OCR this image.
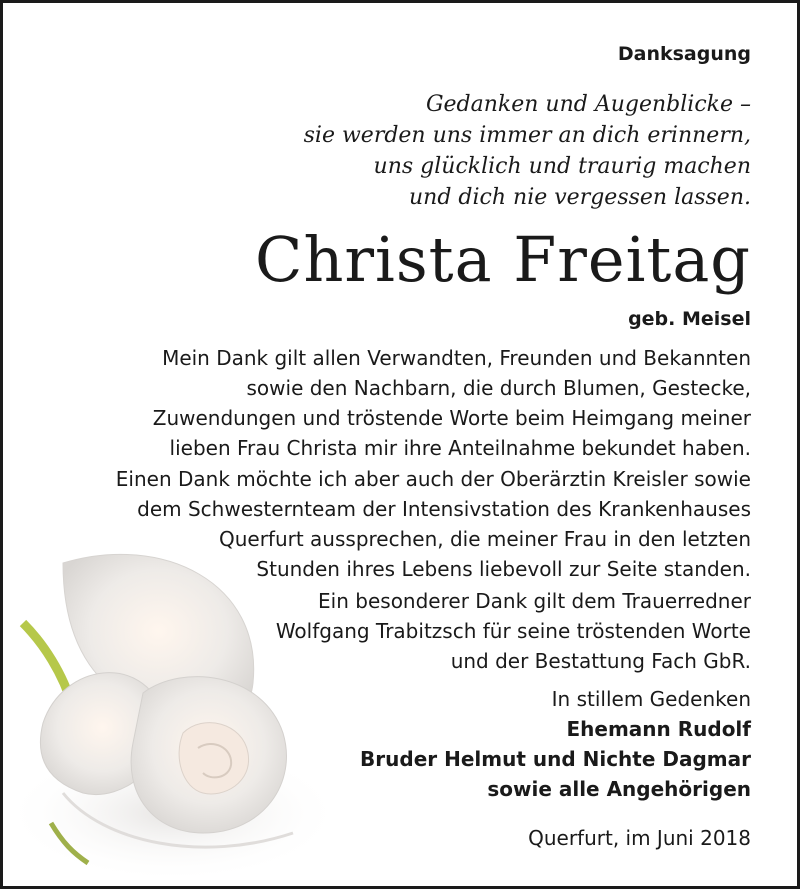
Danksagung
Gedanken und Augenblicke –
sie werden uns immer an dich erinnern,
uns glücklich und traurig machen
und dich nie vergessen lassen.
Christa Freitag
geb. Meisel
Mein Dank gilt allen Verwandten, Freunden und Bekannten
sowie den Nachbarn, die durch Blumen, Gestecke,
Zuwendungen und tröstende Worte beim Heimgang meiner
lieben Frau Christa mir ihre Anteilnahme bekundet haben.
Einen Dank möchte ich aber auch der Oberärztin Kreisler sowie
dem Schwesternteam der Intensivstation des Krankenhauses
Querfurt aussprechen, die meiner Frau in den letzten
Stunden ihres Lebens liebevoll zur Seite standen.
Ein besonderer Dank gilt dem Trauerredner
Wolfgang Trabitzsch für seine tröstenden Worte
und der Bestattung Fach GbR.
In stillem Gedenken
Ehemann Rudolf
Bruder Helmut und Nichte Dagmar
sowie alle Angehörigen
Querfurt, im Juni 2018
